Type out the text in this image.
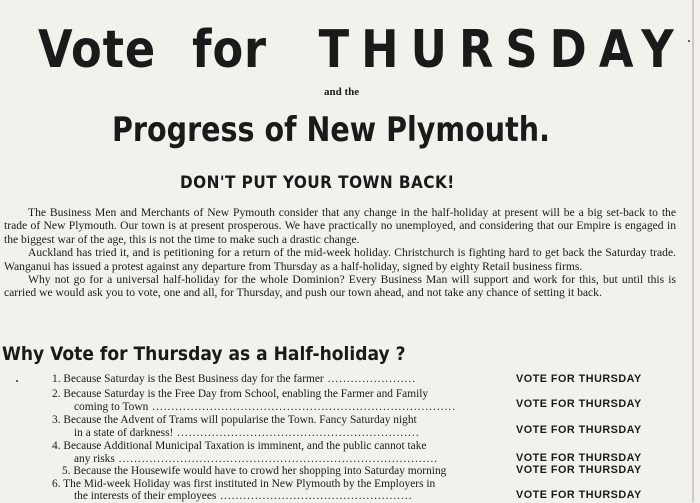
Vote for THURSDAY
and the
Progress of New Plymouth.
DON'T PUT YOUR TOWN BACK!

The Business Men and Merchants of New Pymouth consider that any change in the half-holiday at present will be a big set-back to the trade of New Plymouth. Our town is at present prosperous. We have practically no unemployed, and considering that our Empire is engaged in the biggest war of the age, this is not the time to make such a drastic change.

Auckland has tried it, and is petitioning for a return of the mid-week holiday. Christchurch is fighting hard to get back the Saturday trade. Wanganui has issued a protest against any departure from Thursday as a half-holiday, signed by eighty Retail business firms.

Why not go for a universal half-holiday for the whole Dominion? Every Business Man will support and work for this, but until this is carried we would ask you to vote, one and all, for Thursday, and push our town ahead, and not take any chance of setting it back.

Why Vote for Thursday as a Half-holiday ?
1. Because Saturday is the Best Business day for the farmer .......................	VOTE FOR THURSDAY
2. Because Saturday is the Free Day from School, enabling the Farmer and Family
coming to Town ...............................................................................	VOTE FOR THURSDAY
3. Because the Advent of Trams will popularise the Town. Fancy Saturday night
in a state of darkness! ...............................................................	VOTE FOR THURSDAY
4. Because Additional Municipal Taxation is imminent, and the public cannot take
any risks ...................................................................................	VOTE FOR THURSDAY
5. Because the Housewife would have to crowd her shopping into Saturday morning	VOTE FOR THURSDAY
6. The Mid-week Holiday was first instituted in New Plymouth by the Employers in
the interests of their employees ..................................................	VOTE FOR THURSDAY
